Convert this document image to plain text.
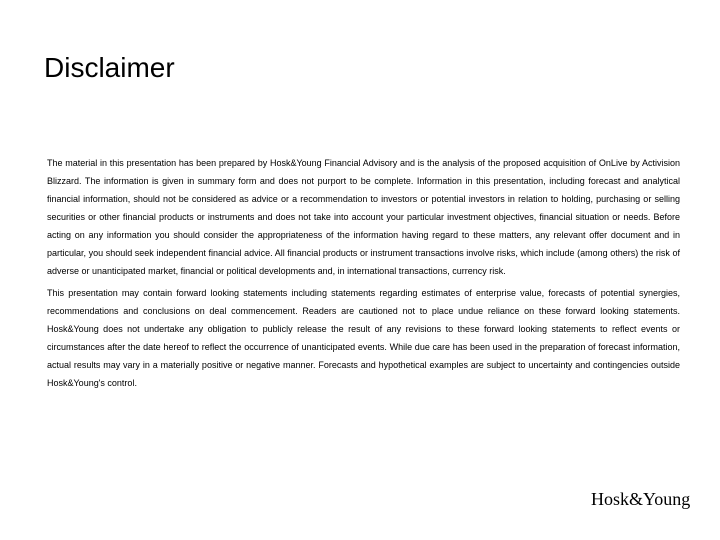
Disclaimer

The material in this presentation has been prepared by Hosk&Young Financial Advisory and is the analysis of the proposed acquisition of OnLive by Activision Blizzard. The information is given in summary form and does not purport to be complete. Information in this presentation, including forecast and analytical financial information, should not be considered as advice or a recommendation to investors or potential investors in relation to holding, purchasing or selling securities or other financial products or instruments and does not take into account your particular investment objectives, financial situation or needs. Before acting on any information you should consider the appropriateness of the information having regard to these matters, any relevant offer document and in particular, you should seek independent financial advice. All financial products or instrument transactions involve risks, which include (among others) the risk of adverse or unanticipated market, financial or political developments and, in international transactions, currency risk.

This presentation may contain forward looking statements including statements regarding estimates of enterprise value, forecasts of potential synergies, recommendations and conclusions on deal commencement. Readers are cautioned not to place undue reliance on these forward looking statements. Hosk&Young does not undertake any obligation to publicly release the result of any revisions to these forward looking statements to reflect events or circumstances after the date hereof to reflect the occurrence of unanticipated events. While due care has been used in the preparation of forecast information, actual results may vary in a materially positive or negative manner. Forecasts and hypothetical examples are subject to uncertainty and contingencies outside Hosk&Young's control.

Hosk&Young
